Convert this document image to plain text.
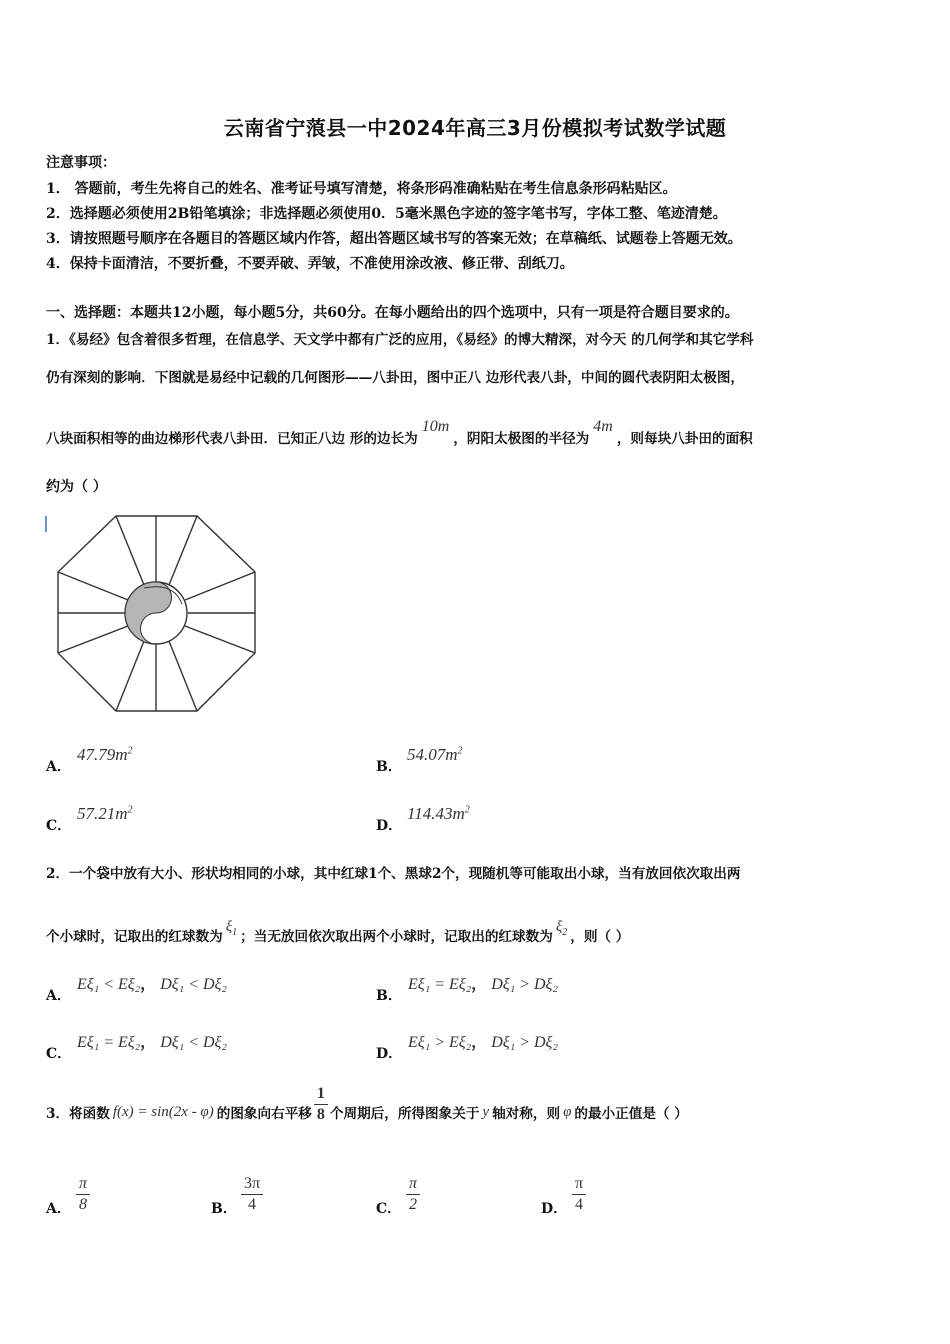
云南省宁蒗县一中2024年高三3月份模拟考试数学试题
注意事项：
1． 答题前，考生先将自己的姓名、准考证号填写清楚，将条形码准确粘贴在考生信息条形码粘贴区。
2．选择题必须使用2B铅笔填涂；非选择题必须使用0．5毫米黑色字迹的签字笔书写，字体工整、笔迹清楚。
3．请按照题号顺序在各题目的答题区域内作答，超出答题区域书写的答案无效；在草稿纸、试题卷上答题无效。
4．保持卡面清洁，不要折叠，不要弄破、弄皱，不准使用涂改液、修正带、刮纸刀。
一、选择题：本题共12小题，每小题5分，共60分。在每小题给出的四个选项中，只有一项是符合题目要求的。
1．《易经》包含着很多哲理，在信息学、天文学中都有广泛的应用，《易经》的博大精深，对今天 的几何学和其它学科
仍有深刻的影响．下图就是易经中记载的几何图形——八卦田，图中正八 边形代表八卦，中间的圆代表阴阳太极图，
八块面积相等的曲边梯形代表八卦田．已知正八边 形的边长为10m，阴阳太极图的半径为4m，则每块八卦田的面积
约为（ ）
A．
$47.79m^2$
B．
$54.07m^2$
C．
$57.21m^2$
D．
$114.43m^2$
2．一个袋中放有大小、形状均相同的小球，其中红球1个、黑球2个，现随机等可能取出小球，当有放回依次取出两
个小球时，记取出的红球数为$\xi_1$ ；当无放回依次取出两个小球时，记取出的红球数为$\xi_2$ ，则（ ）
A．
Eξ₁ < Eξ₂， Dξ₁ < Dξ₂
B．
Eξ₁ = Eξ₂， Dξ₁ > Dξ₂
C．
Eξ₁ = Eξ₂， Dξ₁ < Dξ₂
D．
Eξ₁ > Eξ₂， Dξ₁ > Dξ₂
3．将函数 f(x) = sin(2x - φ) 的图象向右平移 $\frac{1}{8}$ 个周期后，所得图象关于 y 轴对称，则 φ 的最小正值是（ ）
A． $\frac{\pi}{8}$	B． $\frac{3\pi}{4}$	C． $\frac{\pi}{2}$	D． $\frac{\pi}{4}$
